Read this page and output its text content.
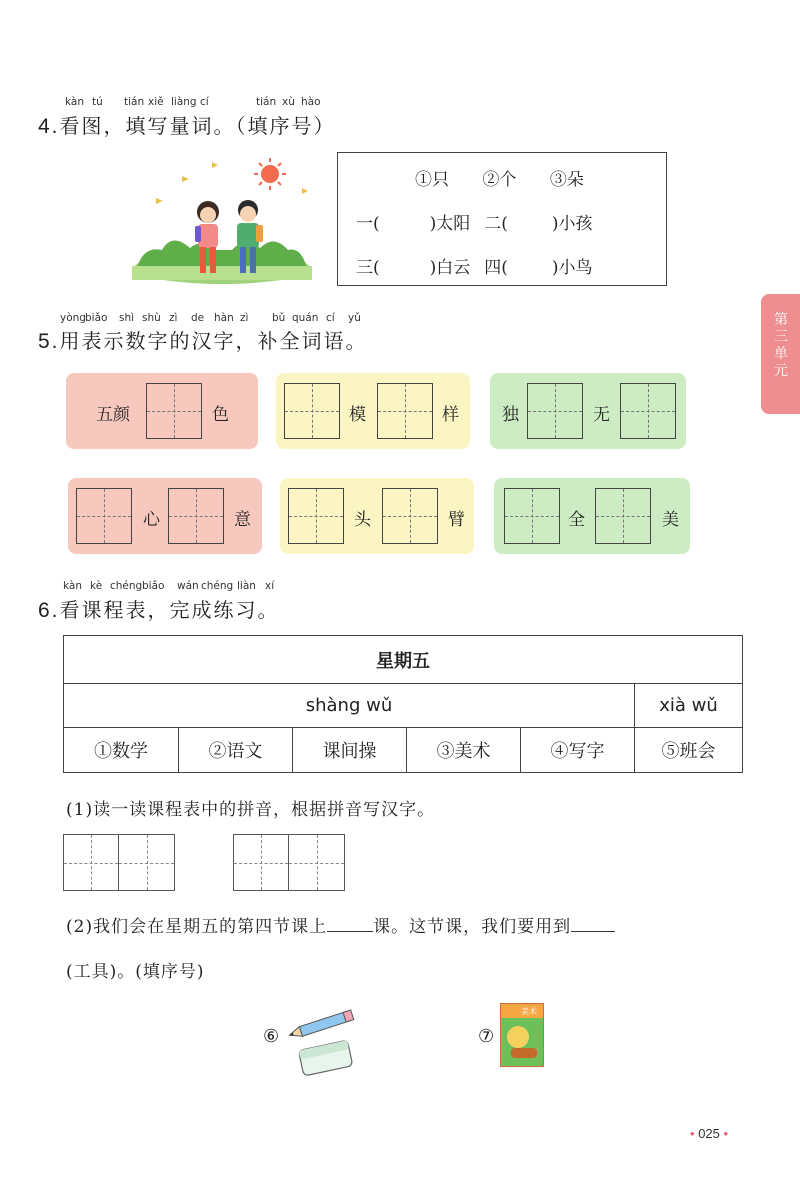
kàn tú tián xiě liàng cí	tián xù hào
4.看图，填写量词。（填序号）
①只 ②个 ③朵
一(	)太阳 二(	)小孩
三(	)白云 四(	)小鸟
第三单元
yòng biǎo shì shù zì de hàn zì bǔ quán cí yǔ
5.用表示数字的汉字，补全词语。
五颜	色	模	样	独	无
心	意	头	臂	全	美
kàn kè chéng biǎo wán chéng liàn xí
6.看课程表，完成练习。
星期五					
shàng wǔ					xià wǔ
①数学	②语文	课间操	③美术	④写字	⑤班会
(1)读一读课程表中的拼音，根据拼音写汉字。
(2)我们会在星期五的第四节课上	课。这节课，我们要用到
(工具)。(填序号)
⑥	⑦
美术
• 025 •
